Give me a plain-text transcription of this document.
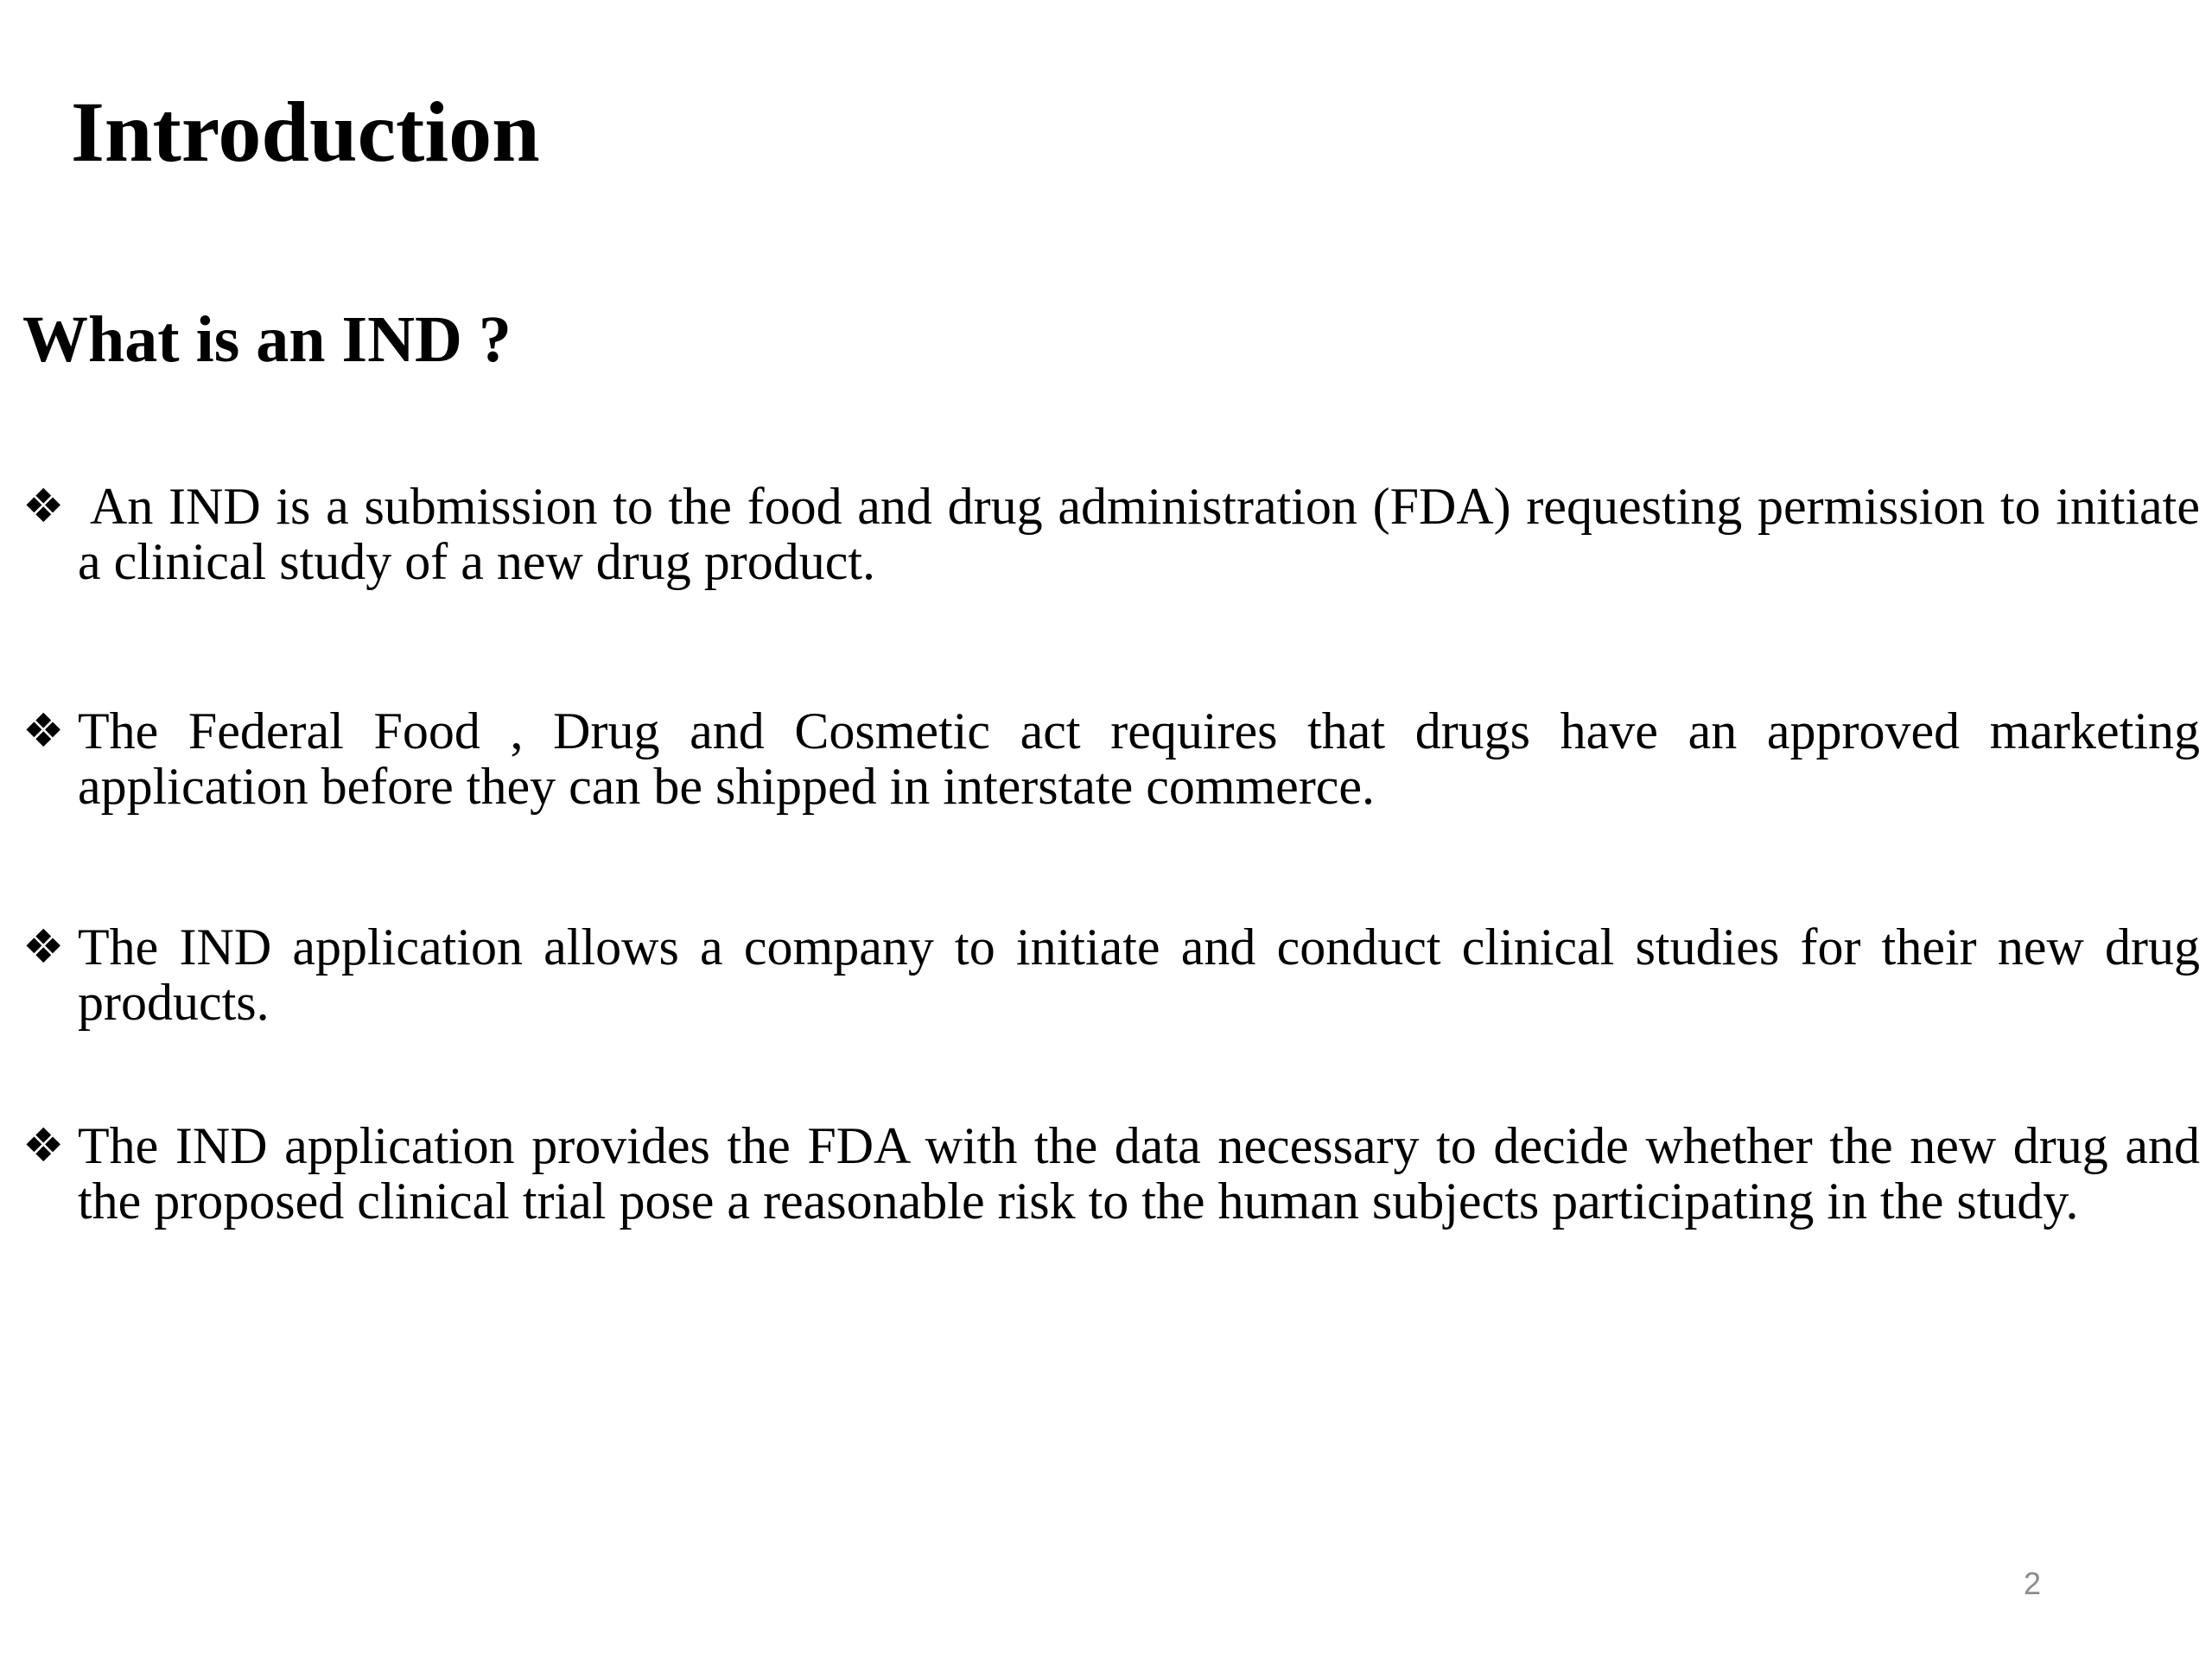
Introduction
What is an IND ?
❖ An IND is a submission to the food and drug administration (FDA) requesting permission to initiate a clinical study of a new drug product.
❖ The Federal Food , Drug and Cosmetic act requires that drugs have an approved marketing application before they can be shipped in interstate commerce.
❖ The IND application allows a company to initiate and conduct clinical studies for their new drug products.
❖ The IND application provides the FDA with the data necessary to decide whether the new drug and the proposed clinical trial pose a reasonable risk to the human subjects participating in the study.
2
